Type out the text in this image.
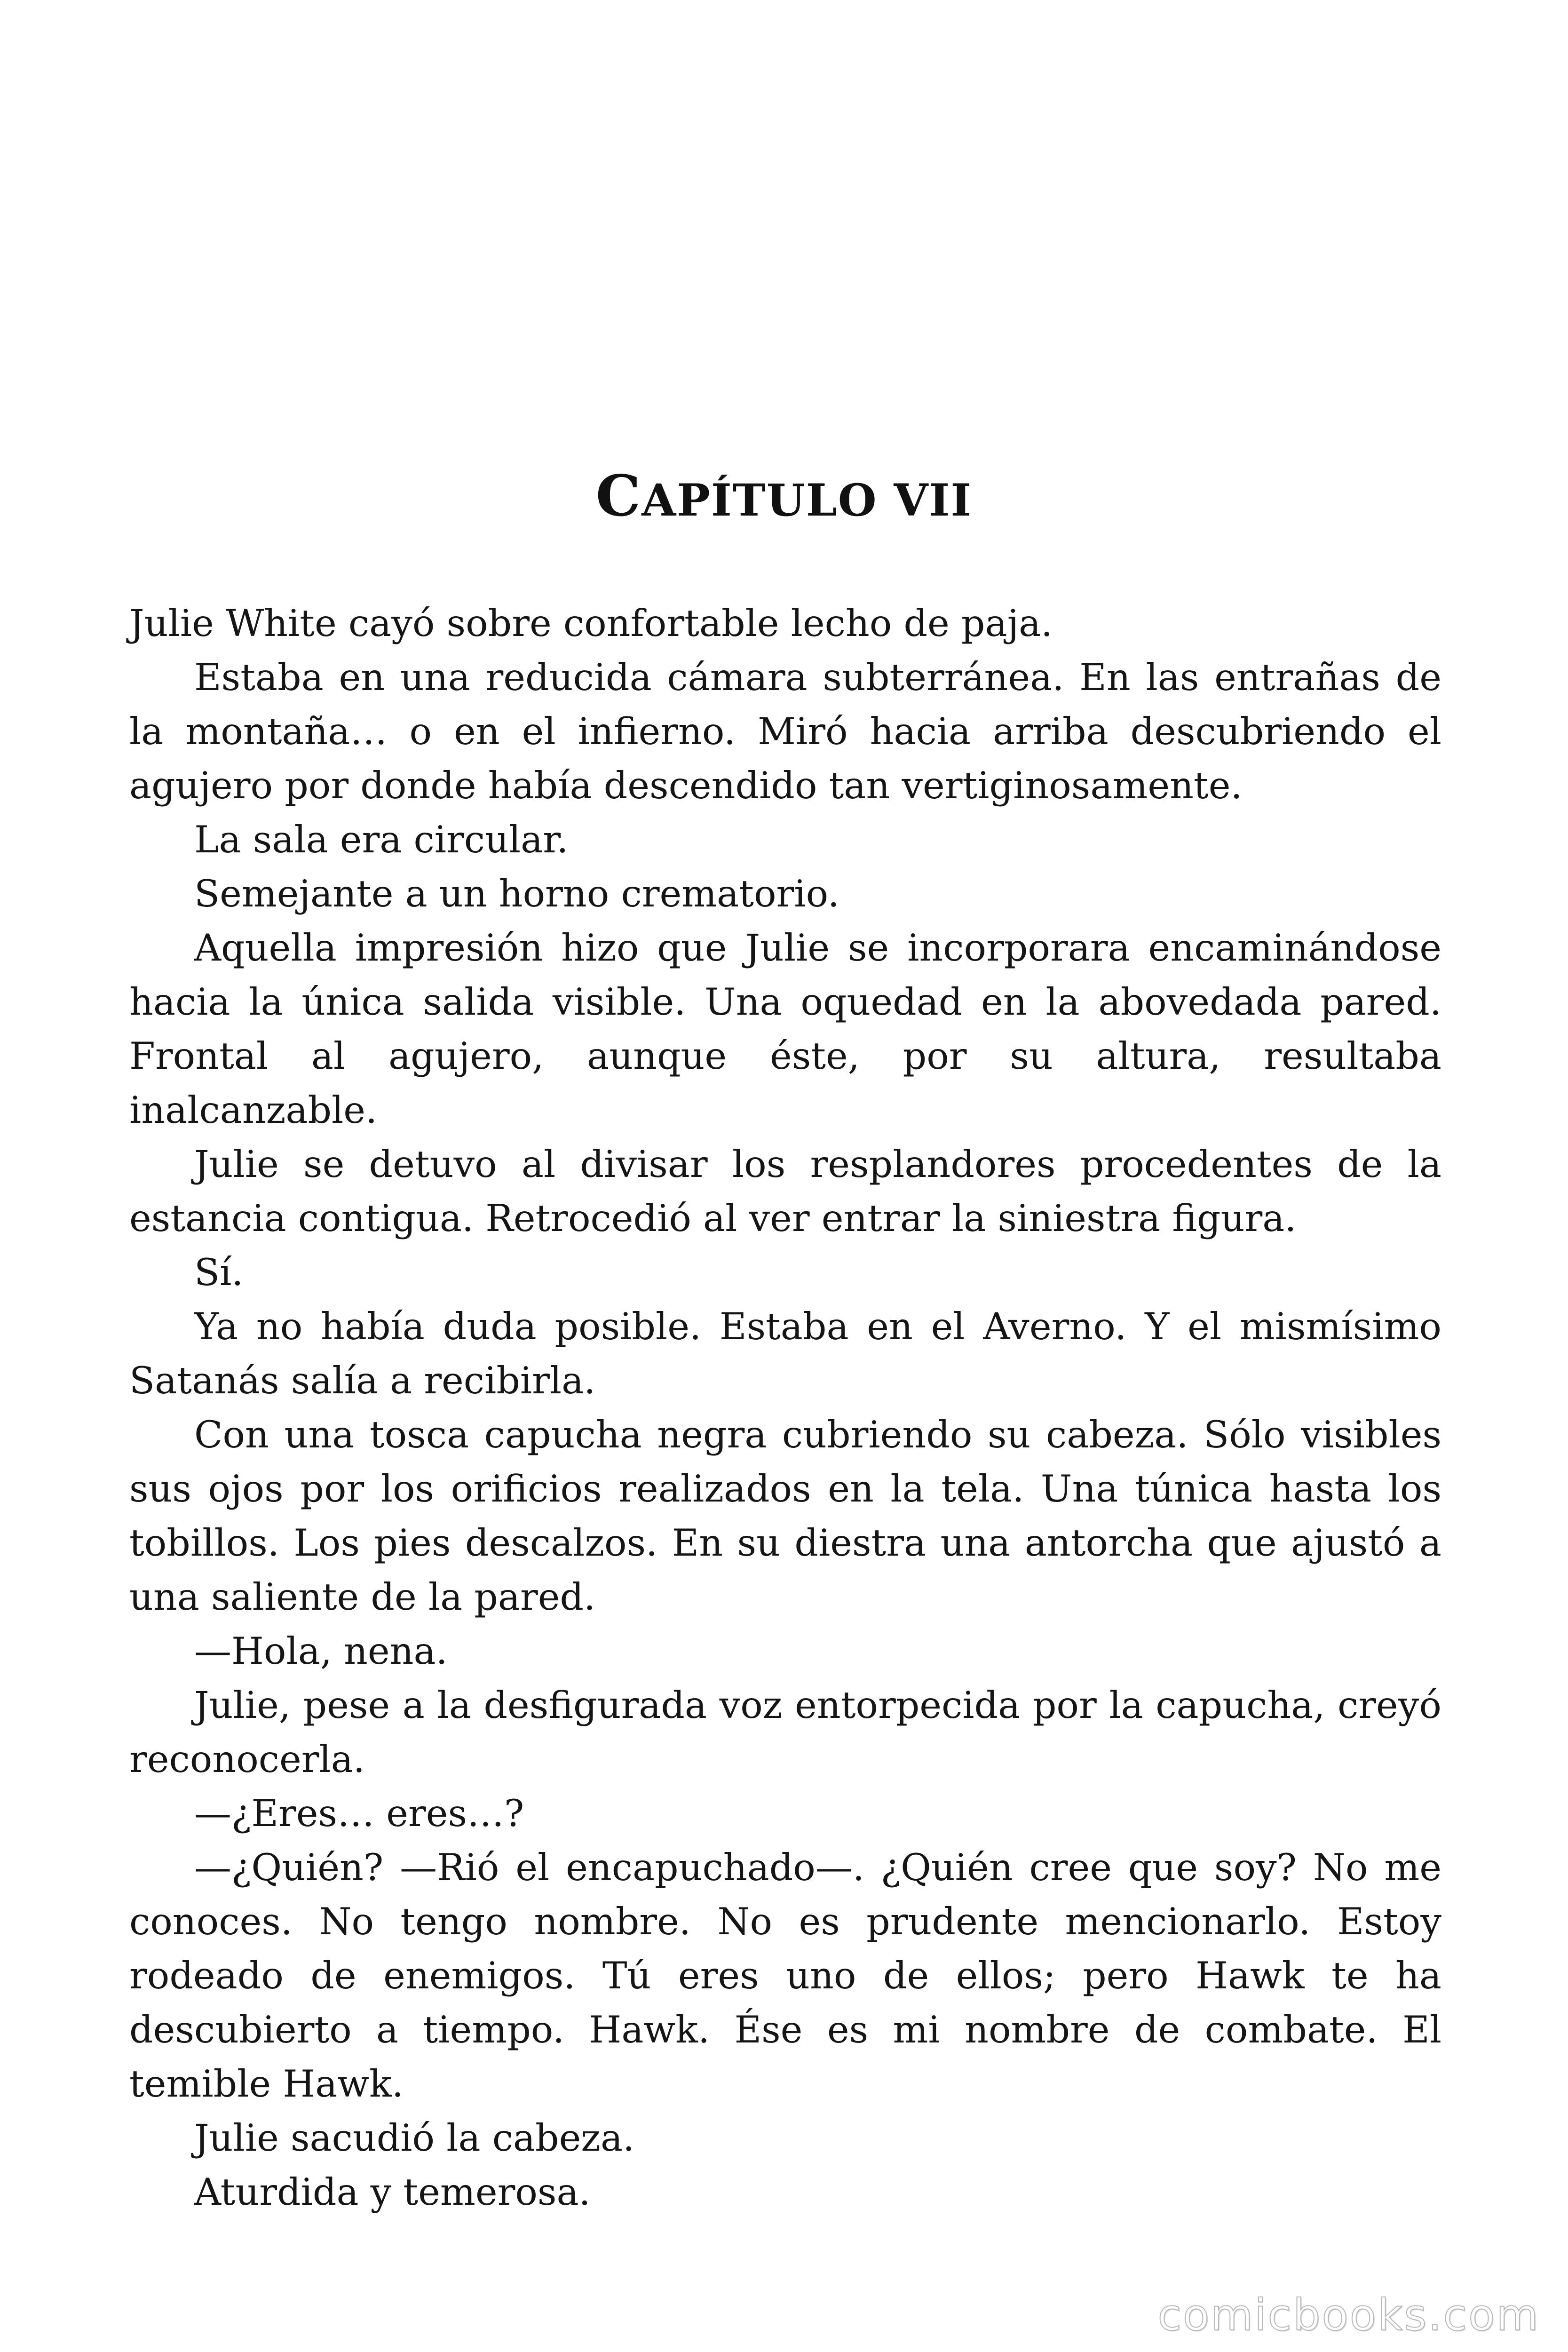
CAPÍTULO VII

Julie White cayó sobre confortable lecho de paja.

Estaba en una reducida cámara subterránea. En las entrañas de la montaña… o en el infierno. Miró hacia arriba descubriendo el agujero por donde había descendido tan vertiginosamente.

La sala era circular.

Semejante a un horno crematorio.

Aquella impresión hizo que Julie se incorporara encaminándose hacia la única salida visible. Una oquedad en la abovedada pared. Frontal al agujero, aunque éste, por su altura, resultaba inalcanzable.

Julie se detuvo al divisar los resplandores procedentes de la estancia contigua. Retrocedió al ver entrar la siniestra figura.

Sí.

Ya no había duda posible. Estaba en el Averno. Y el mismísimo Satanás salía a recibirla.

Con una tosca capucha negra cubriendo su cabeza. Sólo visibles sus ojos por los orificios realizados en la tela. Una túnica hasta los tobillos. Los pies descalzos. En su diestra una antorcha que ajustó a una saliente de la pared.

—Hola, nena.

Julie, pese a la desfigurada voz entorpecida por la capucha, creyó reconocerla.

—¿Eres… eres…?

—¿Quién? —Rió el encapuchado—. ¿Quién cree que soy? No me conoces. No tengo nombre. No es prudente mencionarlo. Estoy rodeado de enemigos. Tú eres uno de ellos; pero Hawk te ha descubierto a tiempo. Hawk. Ése es mi nombre de combate. El temible Hawk.

Julie sacudió la cabeza.

Aturdida y temerosa.

comicbooks.com
